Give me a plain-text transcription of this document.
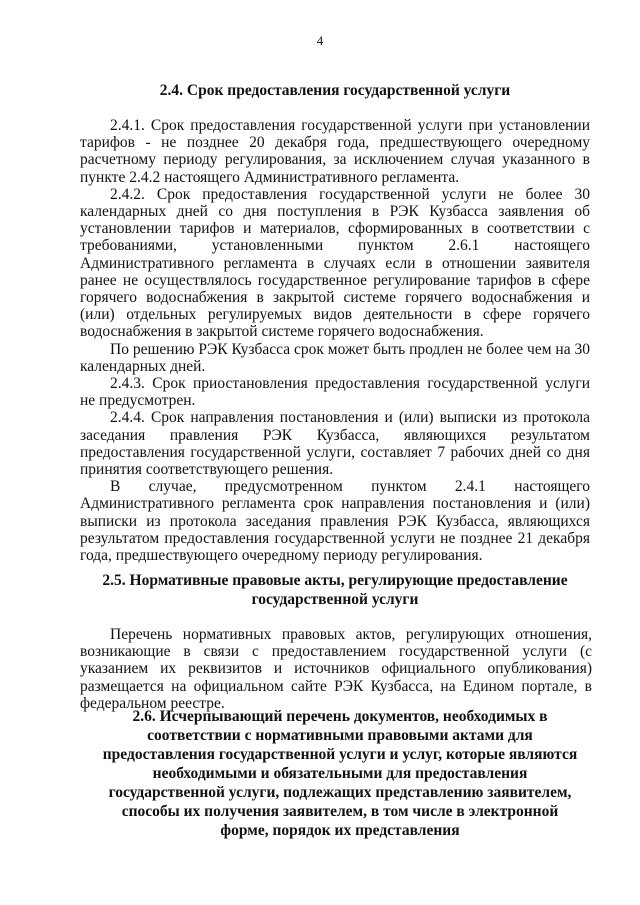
4
2.4. Срок предоставления государственной услуги

2.4.1. Срок предоставления государственной услуги при установлении тарифов - не позднее 20 декабря года, предшествующего очередному расчетному периоду регулирования, за исключением случая указанного в пункте 2.4.2 настоящего Административного регламента.

2.4.2. Срок предоставления государственной услуги не более 30 календарных дней со дня поступления в РЭК Кузбасса заявления об установлении тарифов и материалов, сформированных в соответствии с требованиями, установленными пунктом 2.6.1 настоящего Административного регламента в случаях если в отношении заявителя ранее не осуществлялось государственное регулирование тарифов в сфере горячего водоснабжения в закрытой системе горячего водоснабжения и (или) отдельных регулируемых видов деятельности в сфере горячего водоснабжения в закрытой системе горячего водоснабжения.

По решению РЭК Кузбасса срок может быть продлен не более чем на 30 календарных дней.

2.4.3. Срок приостановления предоставления государственной услуги не предусмотрен.

2.4.4. Срок направления постановления и (или) выписки из протокола заседания правления РЭК Кузбасса, являющихся результатом предоставления государственной услуги, составляет 7 рабочих дней со дня принятия соответствующего решения.

В случае, предусмотренном пунктом 2.4.1 настоящего Административного регламента срок направления постановления и (или) выписки из протокола заседания правления РЭК Кузбасса, являющихся результатом предоставления государственной услуги не позднее 21 декабря года, предшествующего очередному периоду регулирования.

2.5. Нормативные правовые акты, регулирующие предоставление государственной услуги

Перечень нормативных правовых актов, регулирующих отношения, возникающие в связи с предоставлением государственной услуги (с указанием их реквизитов и источников официального опубликования) размещается на официальном сайте РЭК Кузбасса, на Едином портале, в федеральном реестре.

2.6. Исчерпывающий перечень документов, необходимых в соответствии с нормативными правовыми актами для предоставления государственной услуги и услуг, которые являются необходимыми и обязательными для предоставления государственной услуги, подлежащих представлению заявителем, способы их получения заявителем, в том числе в электронной форме, порядок их представления
